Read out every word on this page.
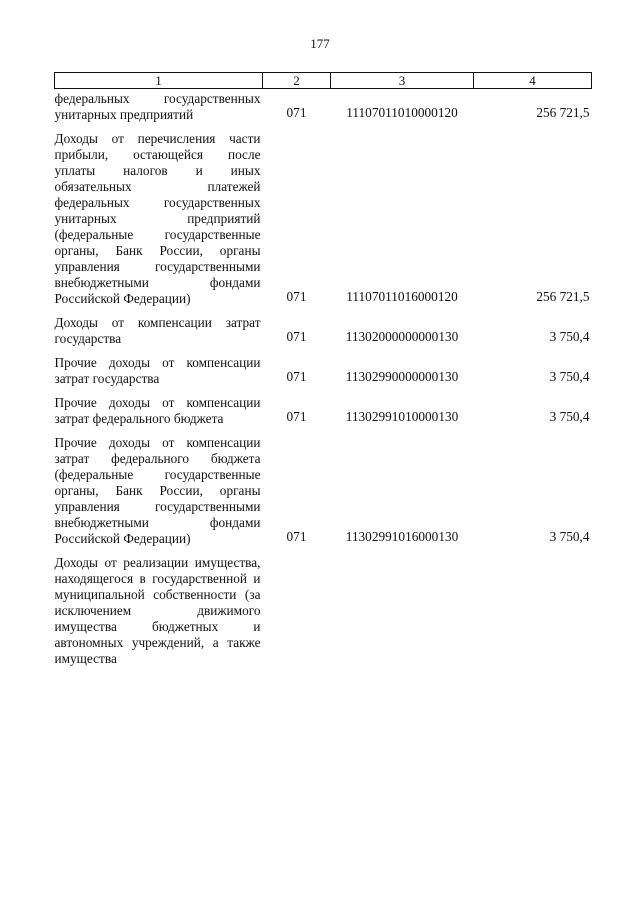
177
1	2	3	4
федеральных государственных унитарных предприятий	071	11107011010000120	256 721,5

Доходы от перечисления части прибыли, остающейся после уплаты налогов и иных обязательных платежей федеральных государственных унитарных предприятий (федеральные государственные органы, Банк России, органы управления государственными внебюджетными фондами Российской Федерации)	071	11107011016000120	256 721,5

Доходы от компенсации затрат государства	071	11302000000000130	3 750,4

Прочие доходы от компенсации затрат государства	071	11302990000000130	3 750,4

Прочие доходы от компенсации затрат федерального бюджета	071	11302991010000130	3 750,4

Прочие доходы от компенсации затрат федерального бюджета (федеральные государственные органы, Банк России, органы управления государственными внебюджетными фондами Российской Федерации)	071	11302991016000130	3 750,4

Доходы от реализации имущества, находящегося в государственной и муниципальной собственности (за исключением движимого имущества бюджетных и автономных учреждений, а также имущества			
